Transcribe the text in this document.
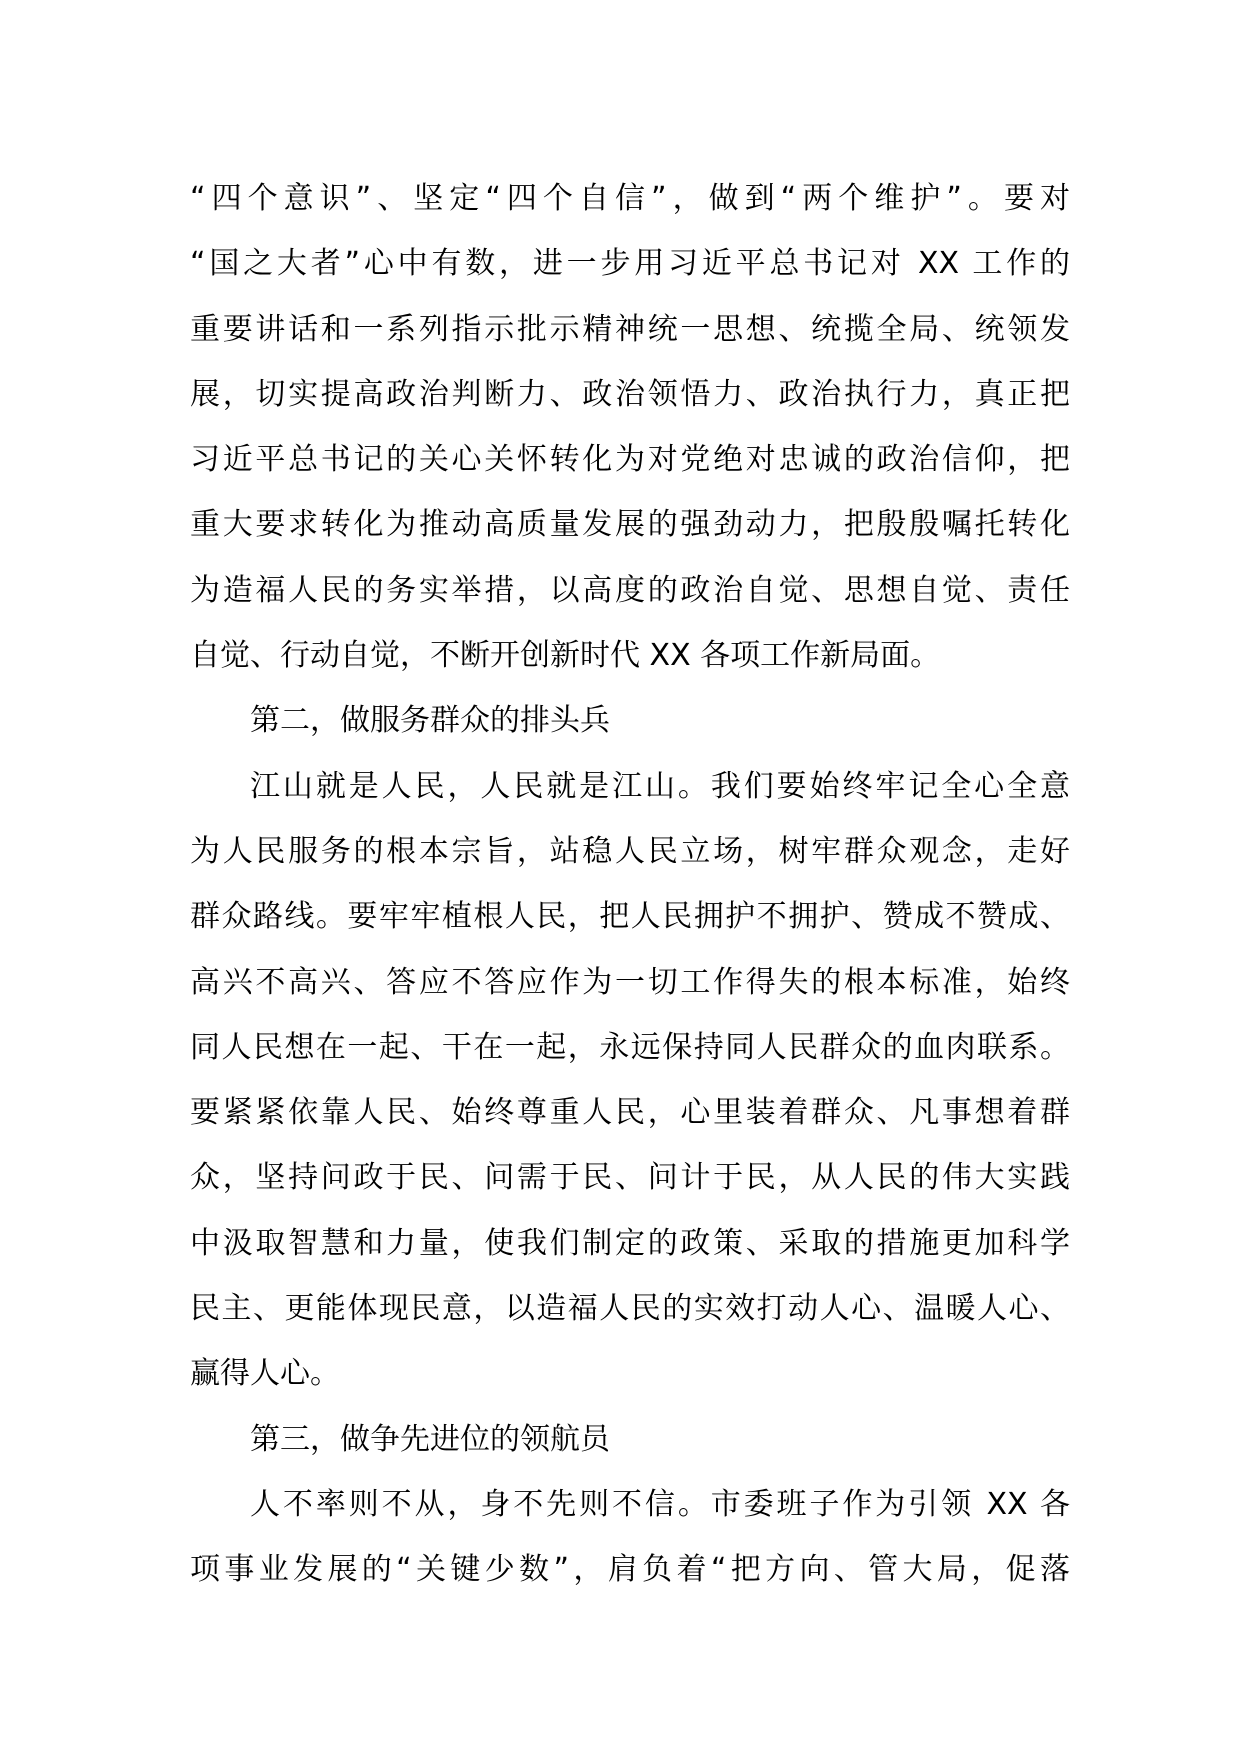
“四个意识”、坚定“四个自信”，做到“两个维护”。要对
“国之大者”心中有数，进一步用习近平总书记对 XX 工作的
重要讲话和一系列指示批示精神统一思想、统揽全局、统领发
展，切实提高政治判断力、政治领悟力、政治执行力，真正把
习近平总书记的关心关怀转化为对党绝对忠诚的政治信仰，把
重大要求转化为推动高质量发展的强劲动力，把殷殷嘱托转化
为造福人民的务实举措，以高度的政治自觉、思想自觉、责任
自觉、行动自觉，不断开创新时代 XX 各项工作新局面。
第二，做服务群众的排头兵
江山就是人民，人民就是江山。我们要始终牢记全心全意
为人民服务的根本宗旨，站稳人民立场，树牢群众观念，走好
群众路线。要牢牢植根人民，把人民拥护不拥护、赞成不赞成、
高兴不高兴、答应不答应作为一切工作得失的根本标准，始终
同人民想在一起、干在一起，永远保持同人民群众的血肉联系。
要紧紧依靠人民、始终尊重人民，心里装着群众、凡事想着群
众，坚持问政于民、问需于民、问计于民，从人民的伟大实践
中汲取智慧和力量，使我们制定的政策、采取的措施更加科学
民主、更能体现民意，以造福人民的实效打动人心、温暖人心、
赢得人心。
第三，做争先进位的领航员
人不率则不从，身不先则不信。市委班子作为引领 XX 各
项事业发展的“关键少数”，肩负着“把方向、管大局，促落
